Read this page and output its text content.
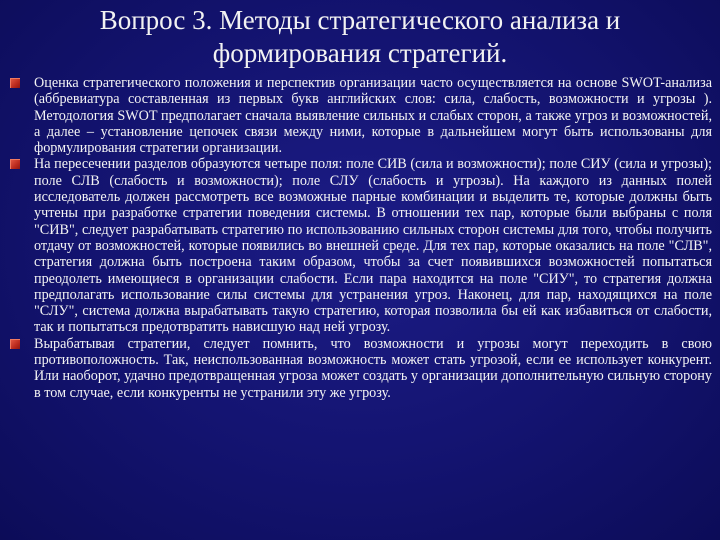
Вопрос 3. Методы стратегического анализа и
формирования стратегий.

Оценка стратегического положения и перспектив организации часто осуществляется на основе SWOT-анализа (аббревиатура составленная из первых букв английских слов: сила, слабость, возможности и угрозы ). Методология SWOT предполагает сначала выявление сильных и слабых сторон, а также угроз и возможностей, а далее – установление цепочек связи между ними, которые в дальнейшем могут быть использованы для формулирования стратегии организации.

На пересечении разделов образуются четыре поля: поле СИВ (сила и возможности); поле СИУ (сила и угрозы); поле СЛВ (слабость и возможности); поле СЛУ (слабость и угрозы). На каждого из данных полей исследователь должен рассмотреть все возможные парные комбинации и выделить те, которые должны быть учтены при разработке стратегии поведения системы. В отношении тех пар, которые были выбраны с поля "СИВ", следует разрабатывать стратегию по использованию сильных сторон системы для того, чтобы получить отдачу от возможностей, которые появились во внешней среде. Для тех пар, которые оказались на поле "СЛВ", стратегия должна быть построена таким образом, чтобы за счет появившихся возможностей попытаться преодолеть имеющиеся в организации слабости. Если пара находится на поле "СИУ", то стратегия должна предполагать использование силы системы для устранения угроз. Наконец, для пар, находящихся на поле "СЛУ", система должна вырабатывать такую стратегию, которая позволила бы ей как избавиться от слабости, так и попытаться предотвратить нависшую над ней угрозу.

Вырабатывая стратегии, следует помнить, что возможности и угрозы могут переходить в свою противоположность. Так, неиспользованная возможность может стать угрозой, если ее использует конкурент. Или наоборот, удачно предотвращенная угроза может создать у организации дополнительную сильную сторону в том случае, если конкуренты не устранили эту же угрозу.
